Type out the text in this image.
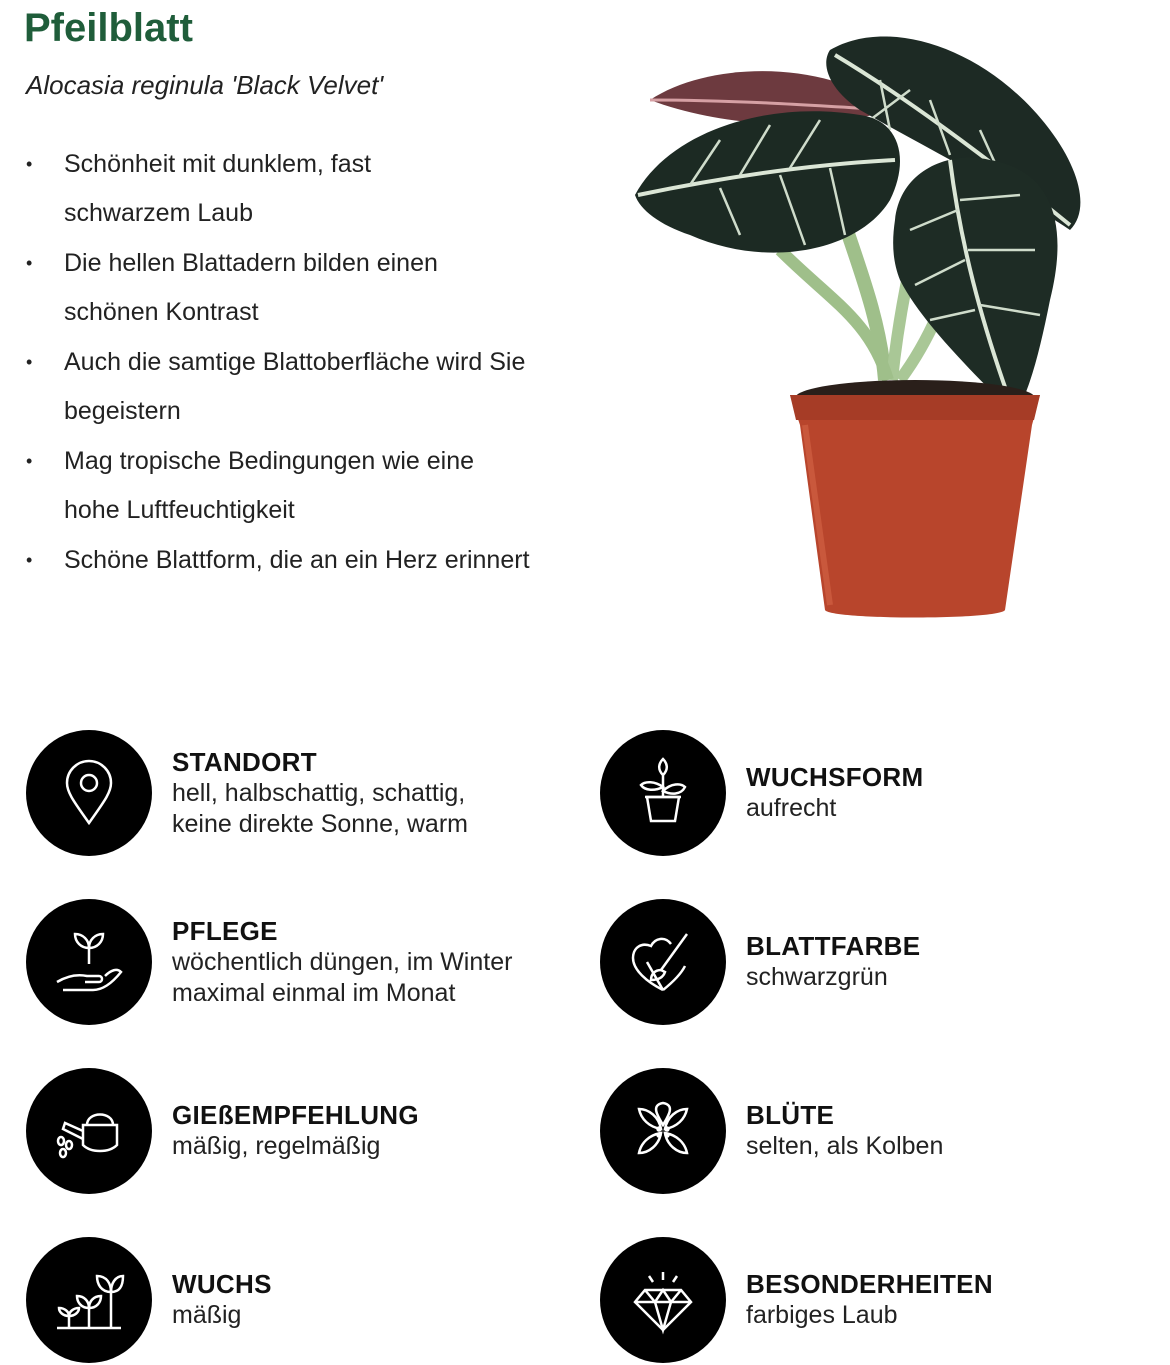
Pfeilblatt

Alocasia reginula 'Black Velvet'

• Schönheit mit dunklem, fast schwarzem Laub
• Die hellen Blattadern bilden einen schönen Kontrast
• Auch die samtige Blattoberfläche wird Sie begeistern
• Mag tropische Bedingungen wie eine hohe Luftfeuchtigkeit
• Schöne Blattform, die an ein Herz erinnert
STANDORT
hell, halbschattig, schattig, keine direkte Sonne, warm
WUCHSFORM
aufrecht
PFLEGE
wöchentlich düngen, im Winter maximal einmal im Monat
BLATTFARBE
schwarzgrün
GIEßEMPFEHLUNG
mäßig, regelmäßig
BLÜTE
selten, als Kolben
WUCHS
mäßig
BESONDERHEITEN
farbiges Laub
